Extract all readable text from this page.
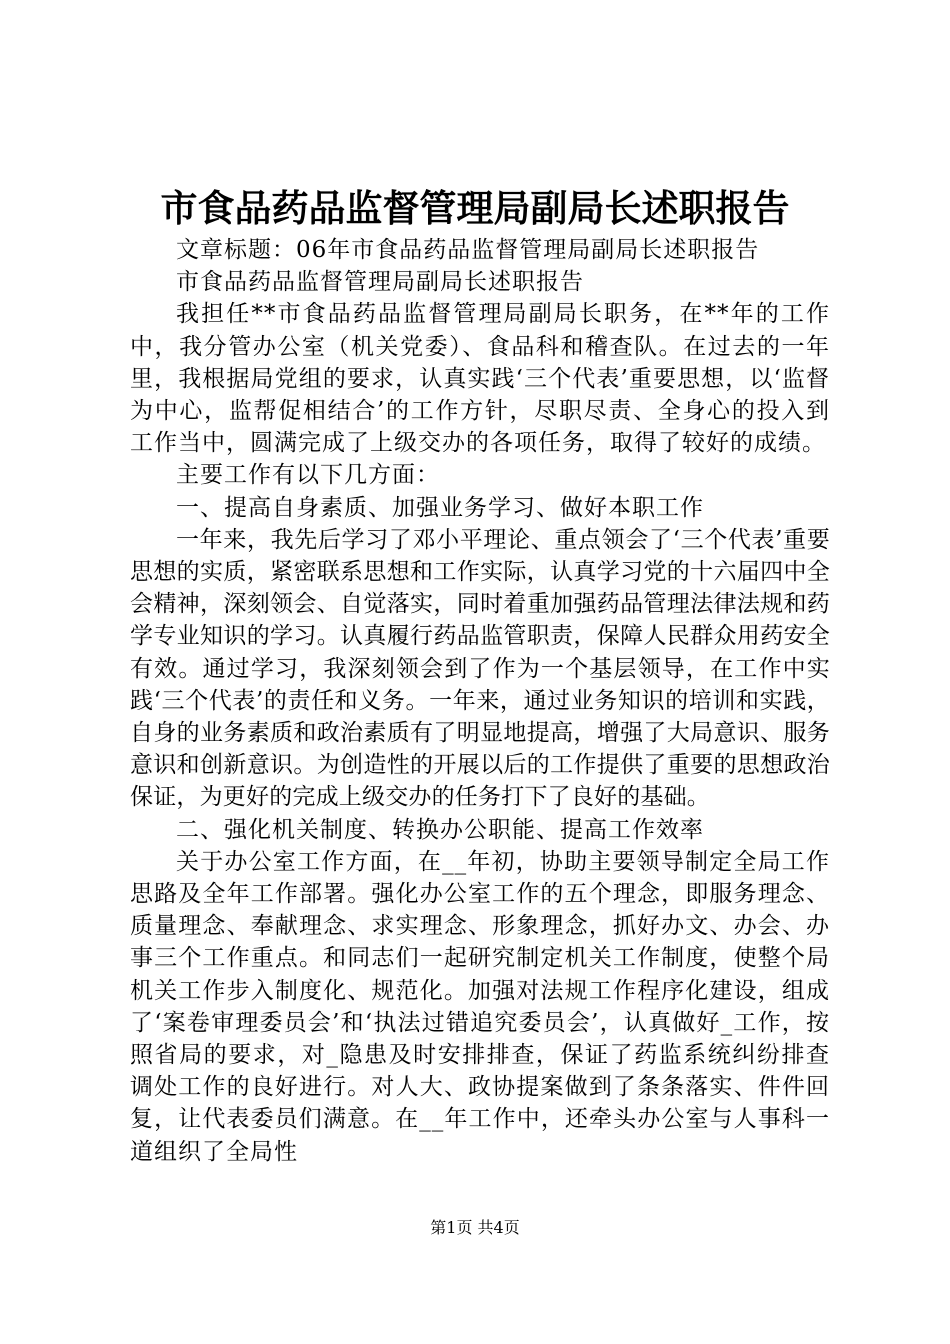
市食品药品监督管理局副局长述职报告

文章标题：06年市食品药品监督管理局副局长述职报告

市食品药品监督管理局副局长述职报告

我担任**市食品药品监督管理局副局长职务，在**年的工作中，我分管办公室（机关党委）、食品科和稽查队。在过去的一年里，我根据局党组的要求，认真实践‘三个代表’重要思想，以‘监督为中心，监帮促相结合’的工作方针，尽职尽责、全身心的投入到工作当中，圆满完成了上级交办的各项任务，取得了较好的成绩。

主要工作有以下几方面：

一、提高自身素质、加强业务学习、做好本职工作

一年来，我先后学习了邓小平理论、重点领会了‘三个代表’重要思想的实质，紧密联系思想和工作实际，认真学习党的十六届四中全会精神，深刻领会、自觉落实，同时着重加强药品管理法律法规和药学专业知识的学习。认真履行药品监管职责，保障人民群众用药安全有效。通过学习，我深刻领会到了作为一个基层领导，在工作中实践‘三个代表’的责任和义务。一年来，通过业务知识的培训和实践，自身的业务素质和政治素质有了明显地提高，增强了大局意识、服务意识和创新意识。为创造性的开展以后的工作提供了重要的思想政治保证，为更好的完成上级交办的任务打下了良好的基础。

二、强化机关制度、转换办公职能、提高工作效率

关于办公室工作方面，在__年初，协助主要领导制定全局工作思路及全年工作部署。强化办公室工作的五个理念，即服务理念、质量理念、奉献理念、求实理念、形象理念，抓好办文、办会、办事三个工作重点。和同志们一起研究制定机关工作制度，使整个局机关工作步入制度化、规范化。加强对法规工作程序化建设，组成了‘案卷审理委员会’和‘执法过错追究委员会’，认真做好_工作，按照省局的要求，对_隐患及时安排排查，保证了药监系统纠纷排查调处工作的良好进行。对人大、政协提案做到了条条落实、件件回复，让代表委员们满意。在__年工作中，还牵头办公室与人事科一道组织了全局性

第1页 共4页
